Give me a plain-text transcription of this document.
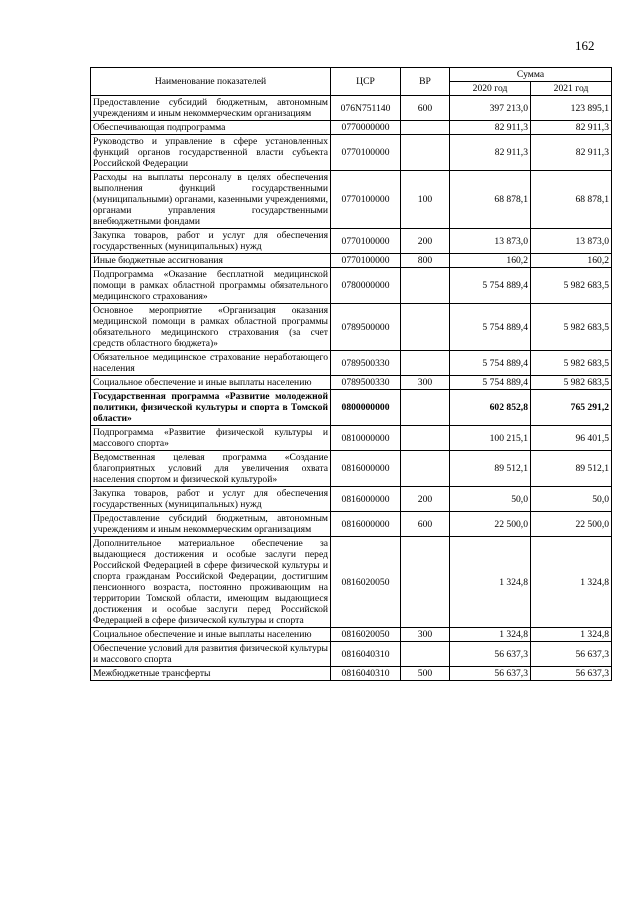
162
Наименование показателей	ЦСР	ВР	Сумма	
			2020 год	2021 год
Предоставление субсидий бюджетным, автономным учреждениям и иным некоммерческим организациям	076N751140	600	397 213,0	123 895,1
Обеспечивающая подпрограмма	0770000000		82 911,3	82 911,3
Руководство и управление в сфере установленных функций органов государственной власти субъекта Российской Федерации	0770100000		82 911,3	82 911,3
Расходы на выплаты персоналу в целях обеспечения выполнения функций государственными (муниципальными) органами, казенными учреждениями, органами управления государственными внебюджетными фондами	0770100000	100	68 878,1	68 878,1
Закупка товаров, работ и услуг для обеспечения государственных (муниципальных) нужд	0770100000	200	13 873,0	13 873,0
Иные бюджетные ассигнования	0770100000	800	160,2	160,2
Подпрограмма «Оказание бесплатной медицинской помощи в рамках областной программы обязательного медицинского страхования»	0780000000		5 754 889,4	5 982 683,5
Основное мероприятие «Организация оказания медицинской помощи в рамках областной программы обязательного медицинского страхования (за счет средств областного бюджета)»	0789500000		5 754 889,4	5 982 683,5
Обязательное медицинское страхование неработающего населения	0789500330		5 754 889,4	5 982 683,5
Социальное обеспечение и иные выплаты населению	0789500330	300	5 754 889,4	5 982 683,5
Государственная программа «Развитие молодежной политики, физической культуры и спорта в Томской области»	0800000000		602 852,8	765 291,2
Подпрограмма «Развитие физической культуры и массового спорта»	0810000000		100 215,1	96 401,5
Ведомственная целевая программа «Создание благоприятных условий для увеличения охвата населения спортом и физической культурой»	0816000000		89 512,1	89 512,1
Закупка товаров, работ и услуг для обеспечения государственных (муниципальных) нужд	0816000000	200	50,0	50,0
Предоставление субсидий бюджетным, автономным учреждениям и иным некоммерческим организациям	0816000000	600	22 500,0	22 500,0
Дополнительное материальное обеспечение за выдающиеся достижения и особые заслуги перед Российской Федерацией в сфере физической культуры и спорта гражданам Российской Федерации, достигшим пенсионного возраста, постоянно проживающим на территории Томской области, имеющим выдающиеся достижения и особые заслуги перед Российской Федерацией в сфере физической культуры и спорта	0816020050		1 324,8	1 324,8
Социальное обеспечение и иные выплаты населению	0816020050	300	1 324,8	1 324,8
Обеспечение условий для развития физической культуры и массового спорта	0816040310		56 637,3	56 637,3
Межбюджетные трансферты	0816040310	500	56 637,3	56 637,3
